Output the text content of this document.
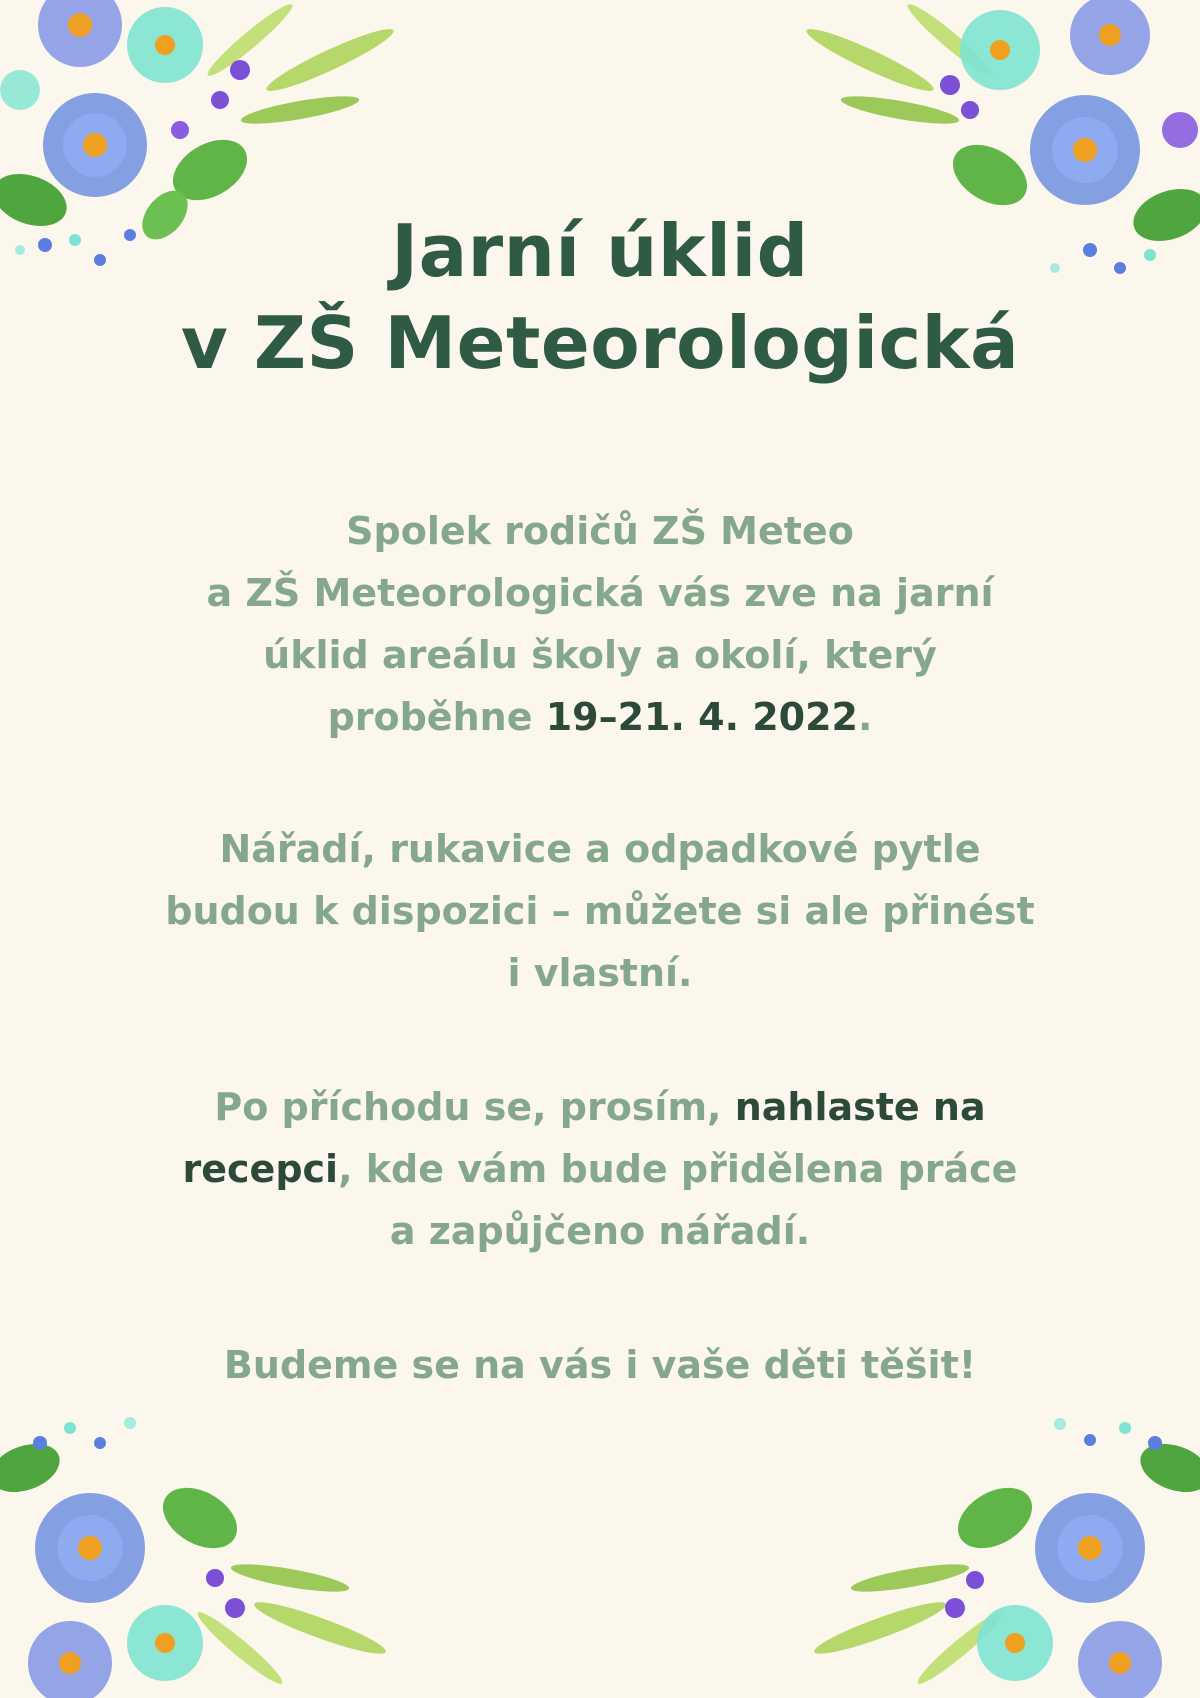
Jarní úklid
v ZŠ Meteorologická

Spolek rodičů ZŠ Meteo
a ZŠ Meteorologická vás zve na jarní
úklid areálu školy a okolí, který
proběhne 19–21. 4. 2022.

Nářadí, rukavice a odpadkové pytle
budou k dispozici – můžete si ale přinést
i vlastní.

Po příchodu se, prosím, nahlaste na
recepci, kde vám bude přidělena práce
a zapůjčeno nářadí.

Budeme se na vás i vaše děti těšit!
